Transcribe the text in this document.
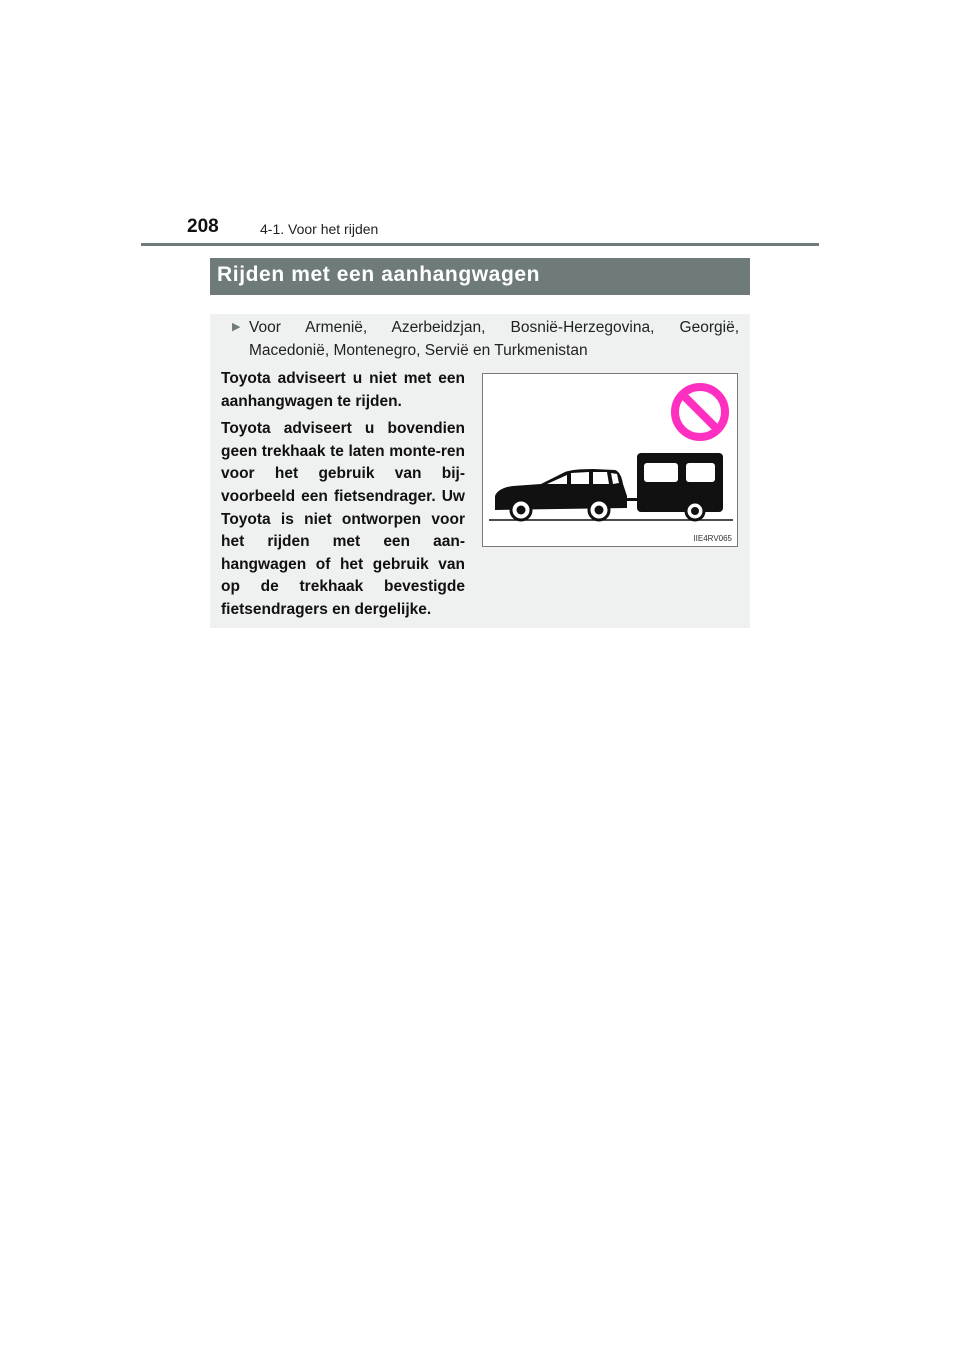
208	4-1. Voor het rijden
Rijden met een aanhangwagen
▶ Voor Armenië, Azerbeidzjan, Bosnië-Herzegovina, Georgië, Macedonië, Montenegro, Servië en Turkmenistan

Toyota adviseert u niet met een aanhangwagen te rijden.

Toyota adviseert u bovendien geen trekhaak te laten monte-ren voor het gebruik van bij-voorbeeld een fietsendrager. Uw Toyota is niet ontworpen voor het rijden met een aan-hangwagen of het gebruik van op de trekhaak bevestigde fietsendragers en dergelijke.

IIE4RV065
